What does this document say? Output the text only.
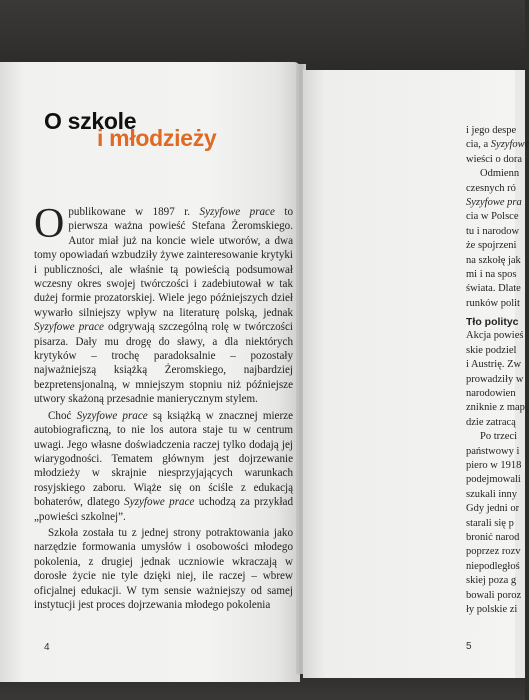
i jego despe
cia, a Syzyfowe
wieści o dora
Odmienn
czesnych ró
Syzyfowe pra
cia w Polsce
tu i narodow
że spojrzeni
na szkołę jak
mi i na spos
świata. Dlate
runków polit
Tło polityc
Akcja powieś
skie podziel
i Austrię. Zw
prowadziły w
narodowien
zniknie z map
dzie zatracą
Po trzeci
państwowy i
piero w 1918
podejmowali
szukali inny
Gdy jedni or
starali się p
bronić narod
poprzez rozv
niepodległoś
skiej poza g
bowali poroz
ły polskie zi
5
O szkole
i młodzieży

Opublikowane w 1897 r. Syzyfowe prace to pierwsza ważna powieść Stefana Żeromskiego. Autor miał już na koncie wiele utworów, a dwa tomy opowiadań wzbudziły żywe zainteresowanie krytyki i publiczności, ale właśnie tą powieścią podsumował wczesny okres swojej twórczości i zadebiutował w tak dużej formie prozatorskiej. Wiele jego późniejszych dzieł wywarło silniejszy wpływ na literaturę polską, jednak Syzyfowe prace odgrywają szczególną rolę w twórczości pisarza. Dały mu drogę do sławy, a dla niektórych krytyków – trochę paradoksalnie – pozostały najważniejszą książką Żeromskiego, najbardziej bezpretensjonalną, w mniejszym stopniu niż późniejsze utwory skażoną przesadnie manierycznym stylem.

Choć Syzyfowe prace są książką w znacznej mierze autobiograficzną, to nie los autora staje tu w centrum uwagi. Jego własne doświadczenia raczej tylko dodają jej wiarygodności. Tematem głównym jest dojrzewanie młodzieży w skrajnie niesprzyjających warunkach rosyjskiego zaboru. Wiąże się on ściśle z edukacją bohaterów, dlatego Syzyfowe prace uchodzą za przykład „powieści szkolnej”.

Szkoła została tu z jednej strony potraktowania jako narzędzie formowania umysłów i osobowości młodego pokolenia, z drugiej jednak uczniowie wkraczają w dorosłe życie nie tyle dzięki niej, ile raczej – wbrew oficjalnej edukacji. W tym sensie ważniejszy od samej instytucji jest proces dojrzewania młodego pokolenia

4
